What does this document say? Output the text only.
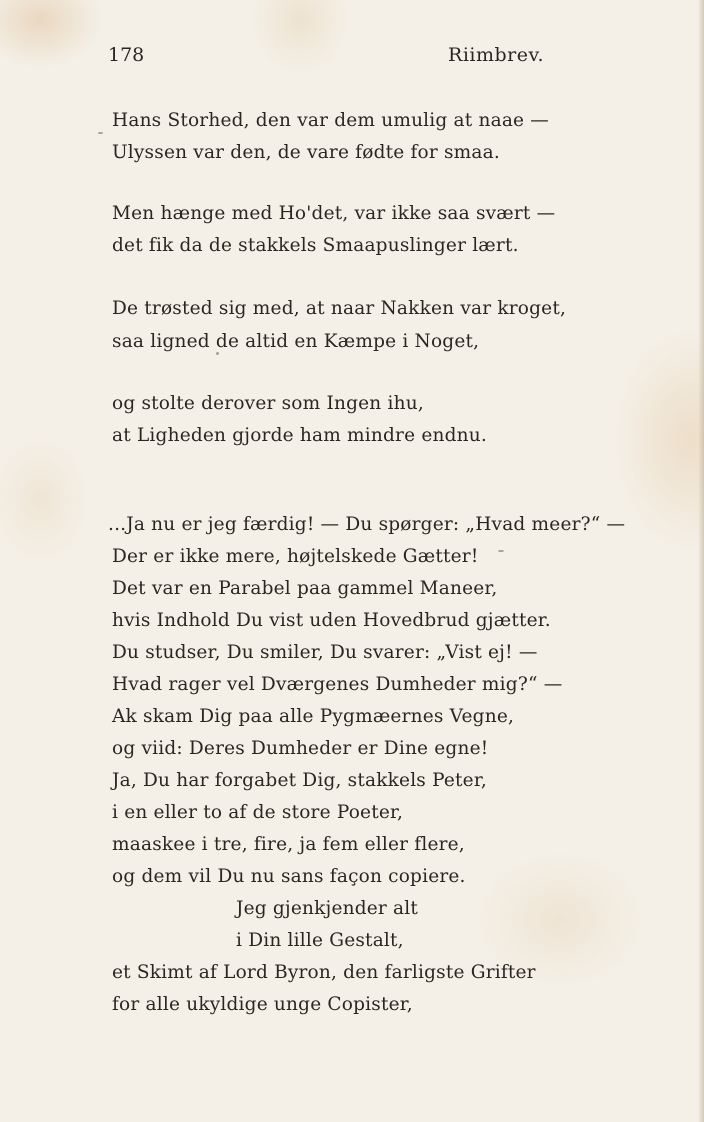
178	Riimbrev.
Hans Storhed, den var dem umulig at naae —
Ulyssen var den, de vare fødte for smaa.
Men hænge med Ho'det, var ikke saa svært —
det fik da de stakkels Smaapuslinger lært.
De trøsted sig med, at naar Nakken var kroget,
saa ligned de altid en Kæmpe i Noget,
og stolte derover som Ingen ihu,
at Ligheden gjorde ham mindre endnu.
...Ja nu er jeg færdig! — Du spørger: „Hvad meer?“ —
Der er ikke mere, højtelskede Gætter!
Det var en Parabel paa gammel Maneer,
hvis Indhold Du vist uden Hovedbrud gjætter.
Du studser, Du smiler, Du svarer: „Vist ej! —
Hvad rager vel Dværgenes Dumheder mig?“ —
Ak skam Dig paa alle Pygmæernes Vegne,
og viid: Deres Dumheder er Dine egne!
Ja, Du har forgabet Dig, stakkels Peter,
i en eller to af de store Poeter,
maaskee i tre, fire, ja fem eller flere,
og dem vil Du nu sans façon copiere.
Jeg gjenkjender alt
i Din lille Gestalt,
et Skimt af Lord Byron, den farligste Grifter
for alle ukyldige unge Copister,
